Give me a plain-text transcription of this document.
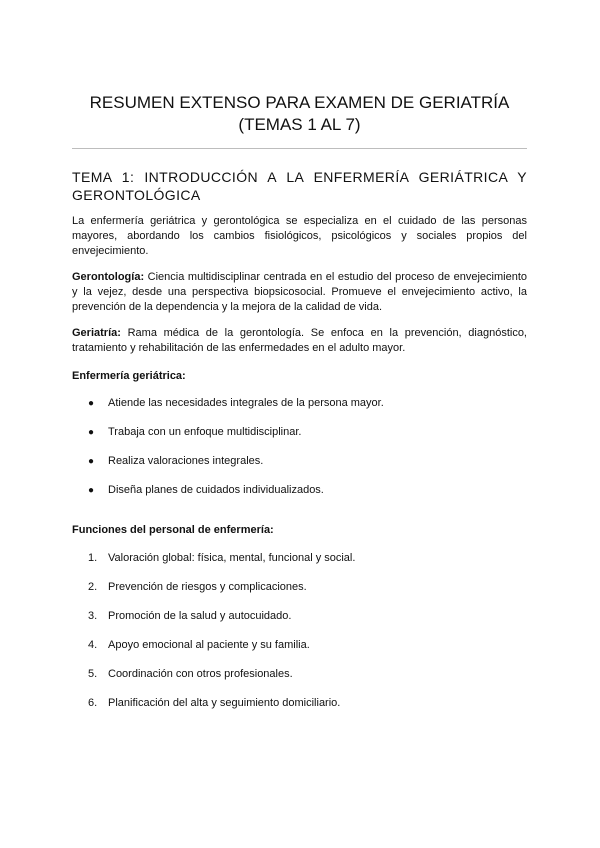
RESUMEN EXTENSO PARA EXAMEN DE GERIATRÍA
(TEMAS 1 AL 7)
TEMA 1: INTRODUCCIÓN A LA ENFERMERÍA GERIÁTRICA Y GERONTOLÓGICA

La enfermería geriátrica y gerontológica se especializa en el cuidado de las personas mayores, abordando los cambios fisiológicos, psicológicos y sociales propios del envejecimiento.

Gerontología: Ciencia multidisciplinar centrada en el estudio del proceso de envejecimiento y la vejez, desde una perspectiva biopsicosocial. Promueve el envejecimiento activo, la prevención de la dependencia y la mejora de la calidad de vida.

Geriatría: Rama médica de la gerontología. Se enfoca en la prevención, diagnóstico, tratamiento y rehabilitación de las enfermedades en el adulto mayor.

Enfermería geriátrica:

● Atiende las necesidades integrales de la persona mayor.

● Trabaja con un enfoque multidisciplinar.

● Realiza valoraciones integrales.

● Diseña planes de cuidados individualizados.

Funciones del personal de enfermería:

1. Valoración global: física, mental, funcional y social.

2. Prevención de riesgos y complicaciones.

3. Promoción de la salud y autocuidado.

4. Apoyo emocional al paciente y su familia.

5. Coordinación con otros profesionales.

6. Planificación del alta y seguimiento domiciliario.
